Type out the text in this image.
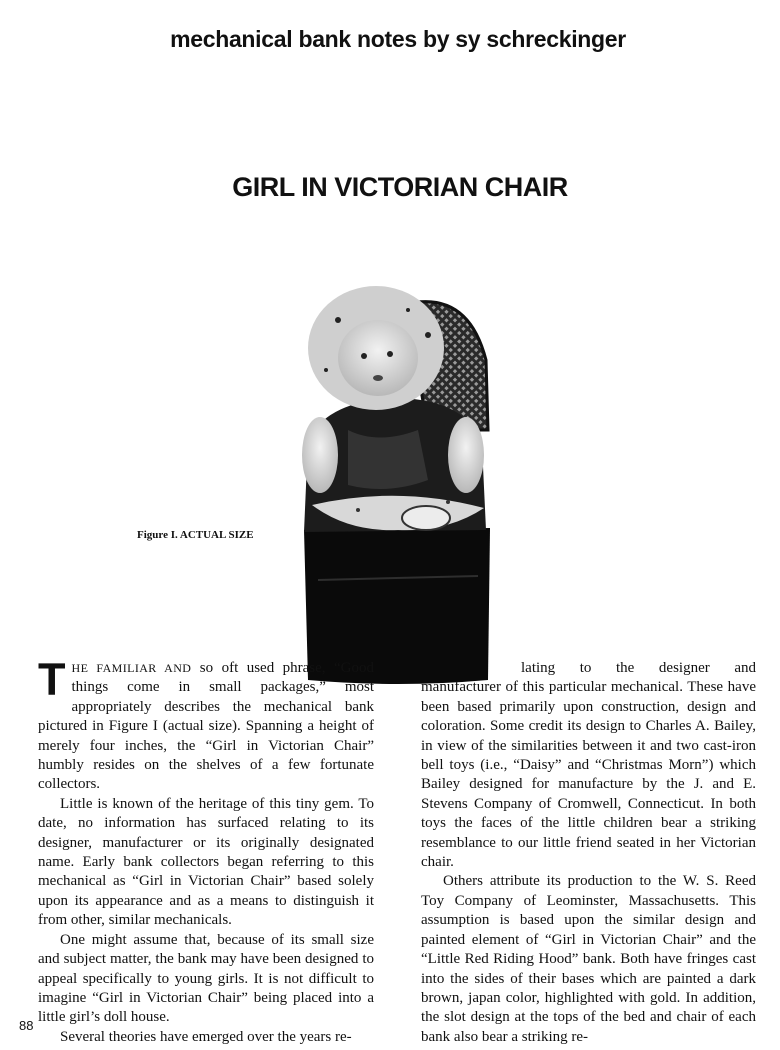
mechanical bank notes by sy schreckinger
GIRL IN VICTORIAN CHAIR
Figure I. ACTUAL SIZE

THE FAMILIAR AND so oft used phrase, “Good things come in small packages,” most appropriately describes the mechanical bank pictured in Figure I (actual size). Spanning a height of merely four inches, the “Girl in Victorian Chair” humbly resides on the shelves of a few fortunate collectors.

Little is known of the heritage of this tiny gem. To date, no information has surfaced relating to its designer, manufacturer or its originally designated name. Early bank collectors began referring to this mechanical as “Girl in Victorian Chair” based solely upon its appearance and as a means to distinguish it from other, similar mechanicals.

One might assume that, because of its small size and subject matter, the bank may have been designed to appeal specifically to young girls. It is not difficult to imagine “Girl in Victorian Chair” being placed into a little girl’s doll house.

Several theories have emerged over the years re-

lating to the designer and manufacturer of this particular mechanical. These have been based primarily upon construction, design and coloration. Some credit its design to Charles A. Bailey, in view of the similarities between it and two cast-iron bell toys (i.e., “Daisy” and “Christmas Morn”) which Bailey designed for manufacture by the J. and E. Stevens Company of Cromwell, Connecticut. In both toys the faces of the little children bear a striking resemblance to our little friend seated in her Victorian chair.

Others attribute its production to the W. S. Reed Toy Company of Leominster, Massachusetts. This assumption is based upon the similar design and painted element of “Girl in Victorian Chair” and the “Little Red Riding Hood” bank. Both have fringes cast into the sides of their bases which are painted a dark brown, japan color, highlighted with gold. In addition, the slot design at the tops of the bed and chair of each bank also bear a striking re-

88
